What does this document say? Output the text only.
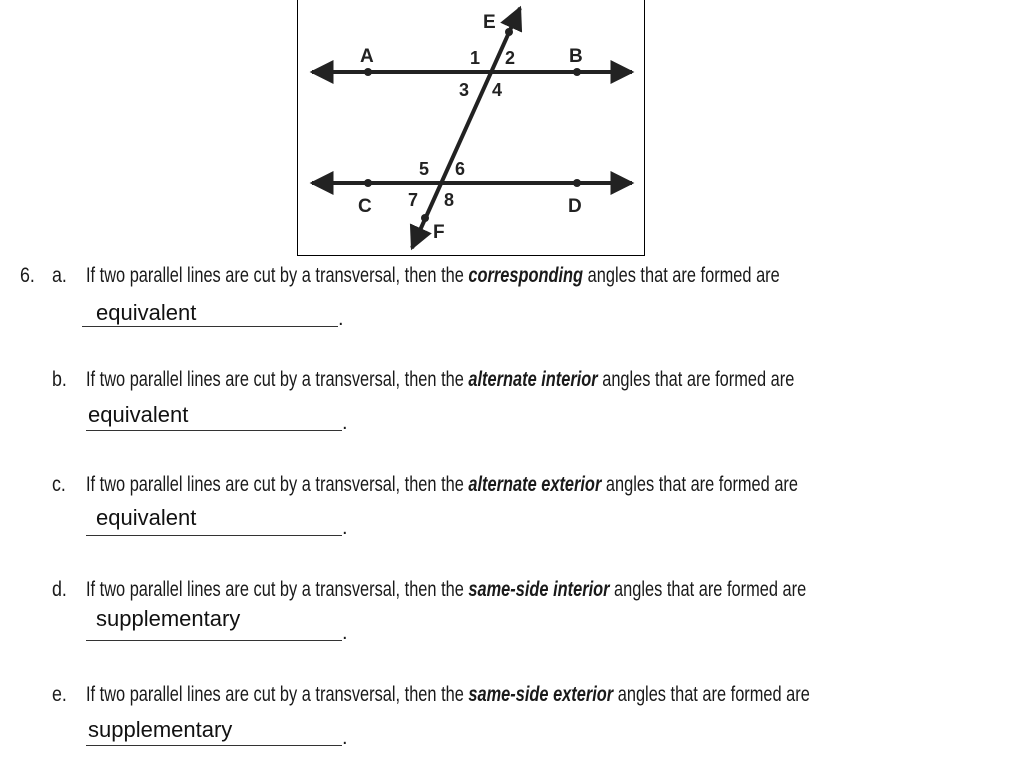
A	B
C	D
E
F
1 2
3 4
5 6
7 8
6. a. If two parallel lines are cut by a transversal, then the corresponding angles that are formed are
equivalent	.
b. If two parallel lines are cut by a transversal, then the alternate interior angles that are formed are
equivalent	.
c. If two parallel lines are cut by a transversal, then the alternate exterior angles that are formed are
equivalent	.
d. If two parallel lines are cut by a transversal, then the same-side interior angles that are formed are
supplementary
.
e. If two parallel lines are cut by a transversal, then the same-side exterior angles that are formed are
supplementary	.
